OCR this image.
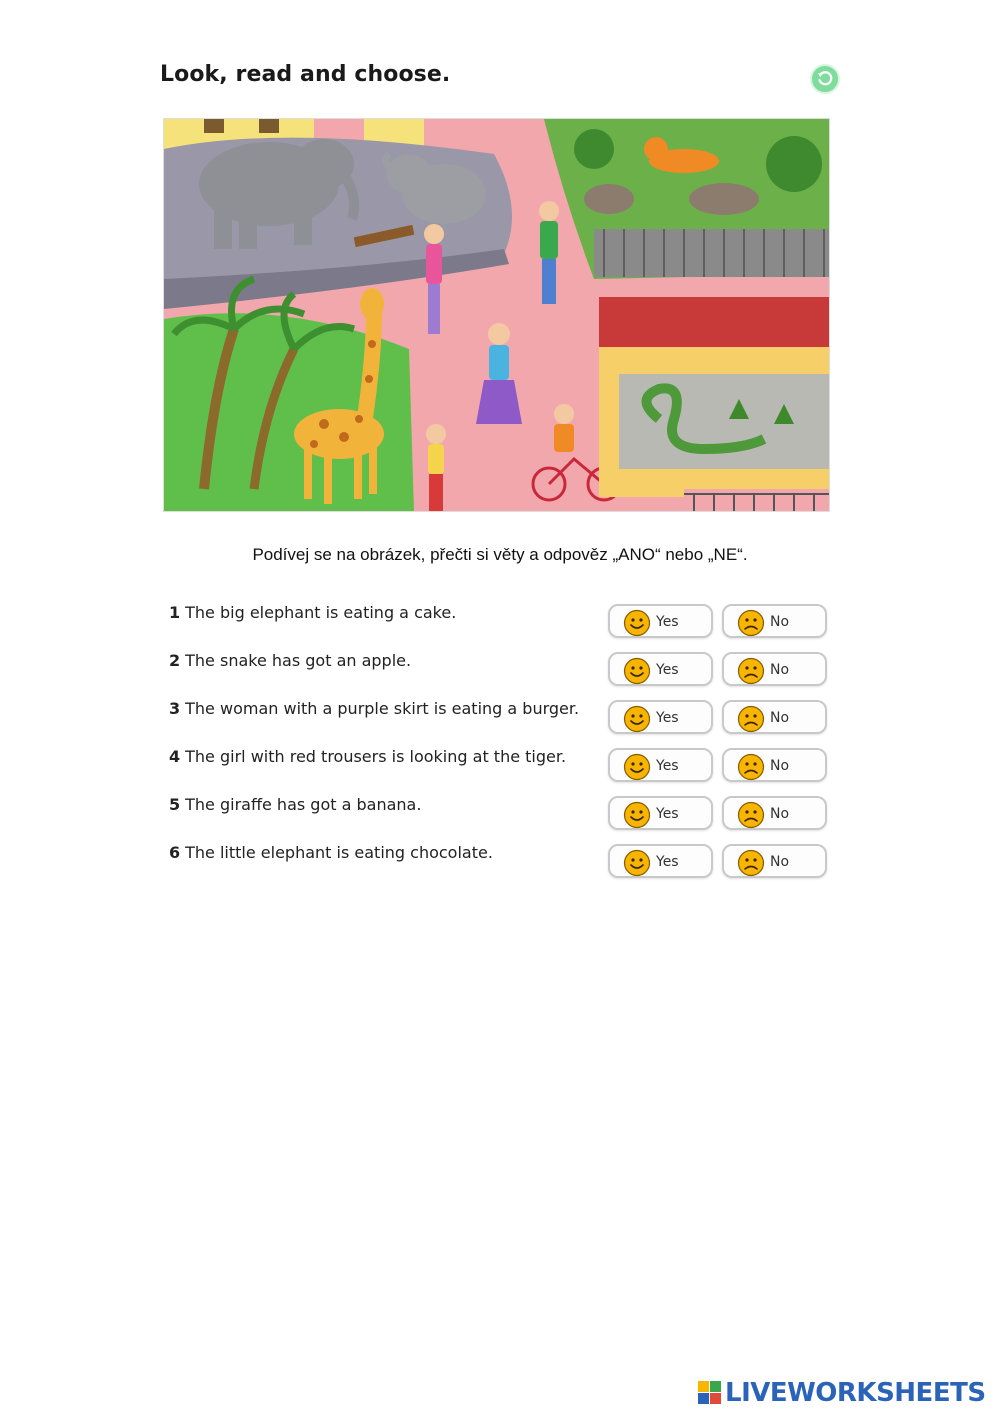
Look, read and choose.
Podívej se na obrázek, přečti si věty a odpověz „ANO“ nebo „NE“.
1 The big elephant is eating a cake.	Yes	No
2 The snake has got an apple.	Yes	No
3 The woman with a purple skirt is eating a burger.	Yes	No
4 The girl with red trousers is looking at the tiger.	Yes	No
5 The giraffe has got a banana.	Yes	No
6 The little elephant is eating chocolate.	Yes	No
LIVEWORKSHEETS
